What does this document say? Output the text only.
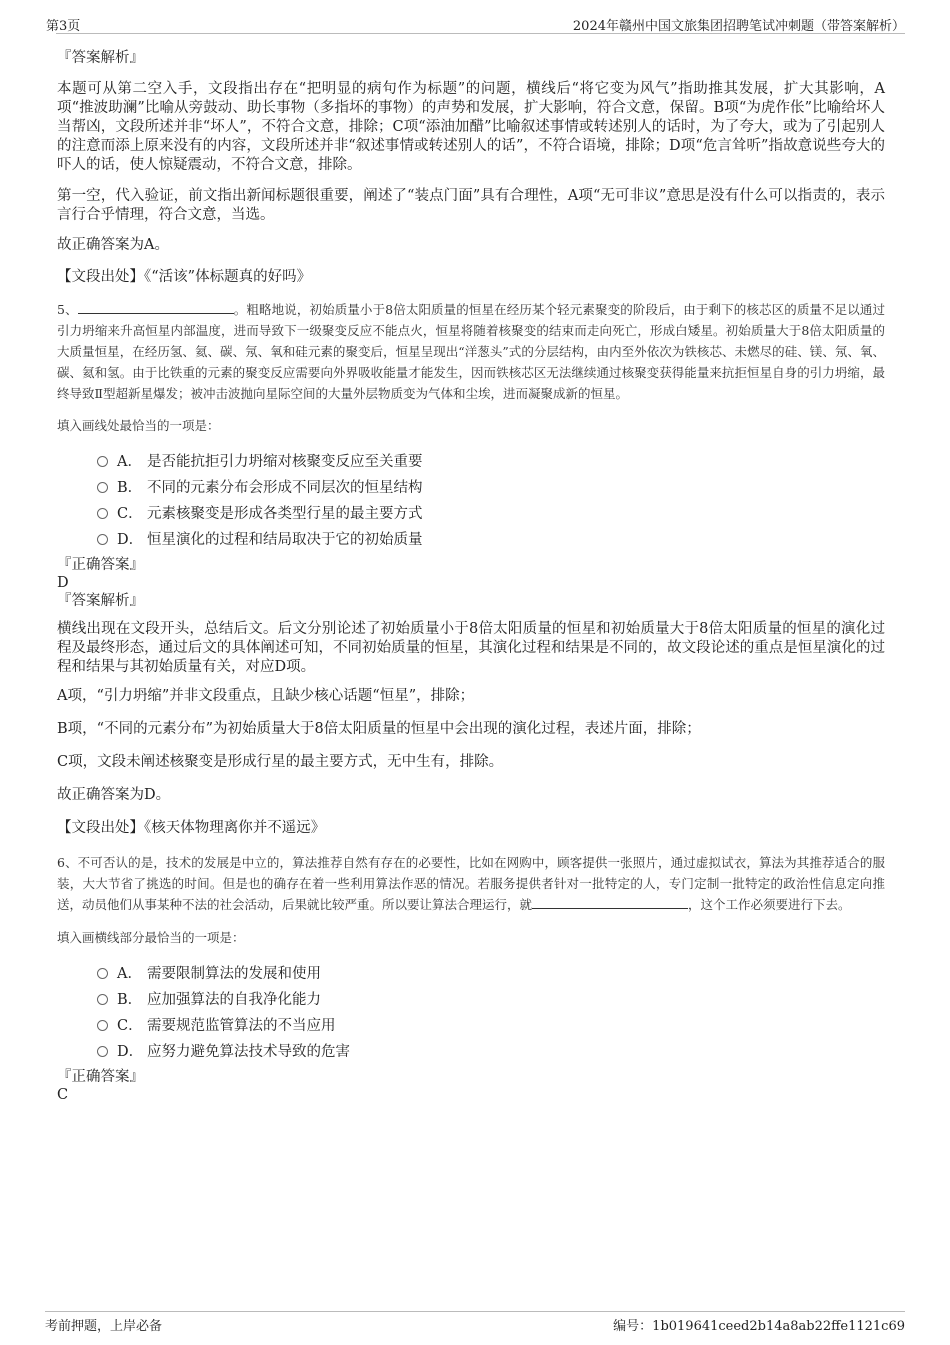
第3页	2024年赣州中国文旅集团招聘笔试冲刺题（带答案解析）

『答案解析』

本题可从第二空入手，文段指出存在“把明显的病句作为标题”的问题，横线后“将它变为风气”指助推其发展，扩大其影响，A项“推波助澜”比喻从旁鼓动、助长事物（多指坏的事物）的声势和发展，扩大影响，符合文意，保留。B项“为虎作伥”比喻给坏人当帮凶，文段所述并非“坏人”，不符合文意，排除；C项“添油加醋”比喻叙述事情或转述别人的话时，为了夸大，或为了引起别人的注意而添上原来没有的内容，文段所述并非“叙述事情或转述别人的话”，不符合语境，排除；D项“危言耸听”指故意说些夸大的吓人的话，使人惊疑震动，不符合文意，排除。

第一空，代入验证，前文指出新闻标题很重要，阐述了“装点门面”具有合理性，A项“无可非议”意思是没有什么可以指责的，表示言行合乎情理，符合文意，当选。

故正确答案为A。

【文段出处】《“活该”体标题真的好吗》

5、	。粗略地说，初始质量小于8倍太阳质量的恒星在经历某个轻元素聚变的阶段后，由于剩下的核芯区的质量不足以通过引力坍缩来升高恒星内部温度，进而导致下一级聚变反应不能点火，恒星将随着核聚变的结束而走向死亡，形成白矮星。初始质量大于8倍太阳质量的大质量恒星，在经历氢、氦、碳、氖、氧和硅元素的聚变后，恒星呈现出“洋葱头”式的分层结构，由内至外依次为铁核芯、未燃尽的硅、镁、氖、氧、碳、氦和氢。由于比铁重的元素的聚变反应需要向外界吸收能量才能发生，因而铁核芯区无法继续通过核聚变获得能量来抗拒恒星自身的引力坍缩，最终导致Ⅱ型超新星爆发；被冲击波抛向星际空间的大量外层物质变为气体和尘埃，进而凝聚成新的恒星。

填入画线处最恰当的一项是：

A． 是否能抗拒引力坍缩对核聚变反应至关重要
B． 不同的元素分布会形成不同层次的恒星结构
C． 元素核聚变是形成各类型行星的最主要方式
D． 恒星演化的过程和结局取决于它的初始质量

『正确答案』

D

『答案解析』

横线出现在文段开头，总结后文。后文分别论述了初始质量小于8倍太阳质量的恒星和初始质量大于8倍太阳质量的恒星的演化过程及最终形态，通过后文的具体阐述可知，不同初始质量的恒星，其演化过程和结果是不同的，故文段论述的重点是恒星演化的过程和结果与其初始质量有关，对应D项。

A项，“引力坍缩”并非文段重点，且缺少核心话题“恒星”，排除；

B项，“不同的元素分布”为初始质量大于8倍太阳质量的恒星中会出现的演化过程，表述片面，排除；

C项，文段未阐述核聚变是形成行星的最主要方式，无中生有，排除。

故正确答案为D。

【文段出处】《核天体物理离你并不遥远》

6、不可否认的是，技术的发展是中立的，算法推荐自然有存在的必要性，比如在网购中，顾客提供一张照片，通过虚拟试衣，算法为其推荐适合的服装，大大节省了挑选的时间。但是也的确存在着一些利用算法作恶的情况。若服务提供者针对一批特定的人，专门定制一批特定的政治性信息定向推送，动员他们从事某种不法的社会活动，后果就比较严重。所以要让算法合理运行，就	，这个工作必须要进行下去。

填入画横线部分最恰当的一项是：

A． 需要限制算法的发展和使用
B． 应加强算法的自我净化能力
C． 需要规范监管算法的不当应用
D． 应努力避免算法技术导致的危害

『正确答案』

C

考前押题，上岸必备	编号：1b019641ceed2b14a8ab22ffe1121c69
